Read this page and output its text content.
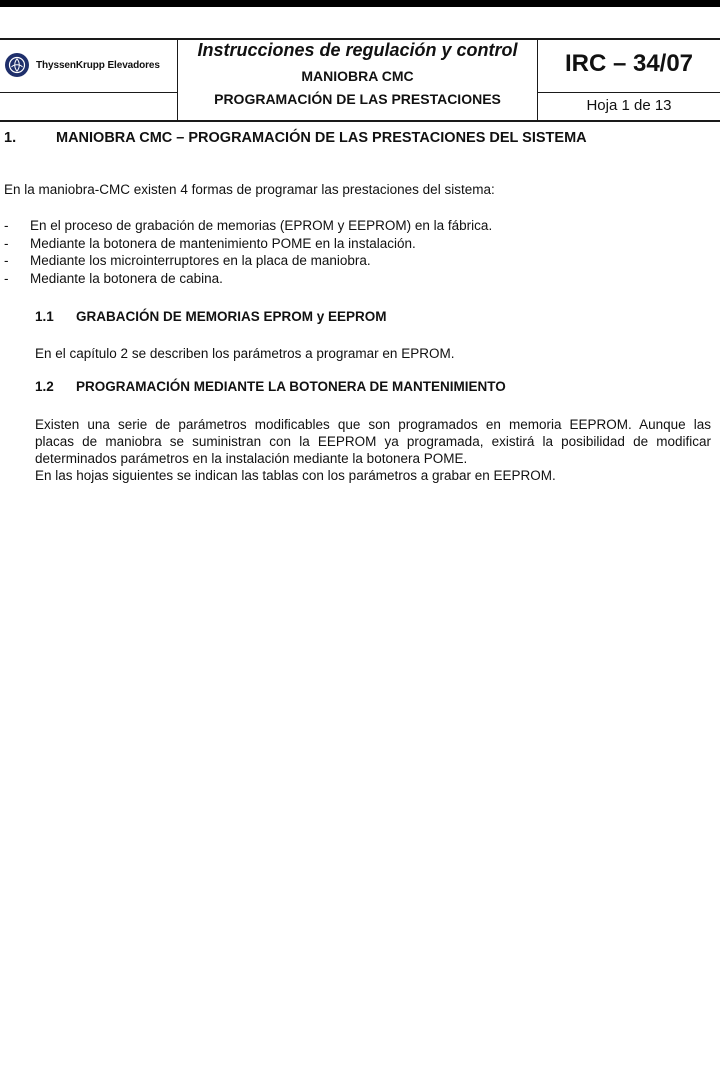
ThyssenKrupp Elevadores
Instrucciones de regulación y control
MANIOBRA CMC
PROGRAMACIÓN DE LAS PRESTACIONES
IRC – 34/07
Hoja 1 de 13
1.	MANIOBRA CMC – PROGRAMACIÓN DE LAS PRESTACIONES DEL SISTEMA
En la maniobra-CMC existen 4 formas de programar las prestaciones del sistema:
- En el proceso de grabación de memorias (EPROM y EEPROM) en la fábrica.
- Mediante la botonera de mantenimiento POME en la instalación.
- Mediante los microinterruptores en la placa de maniobra.
- Mediante la botonera de cabina.
1.1 GRABACIÓN DE MEMORIAS EPROM y EEPROM
En el capítulo 2 se describen los parámetros a programar en EPROM.
1.2 PROGRAMACIÓN MEDIANTE LA BOTONERA DE MANTENIMIENTO
Existen una serie de parámetros modificables que son programados en memoria EEPROM. Aunque las
placas de maniobra se suministran con la EEPROM ya programada, existirá la posibilidad de modificar
determinados parámetros en la instalación mediante la botonera POME.
En las hojas siguientes se indican las tablas con los parámetros a grabar en EEPROM.
